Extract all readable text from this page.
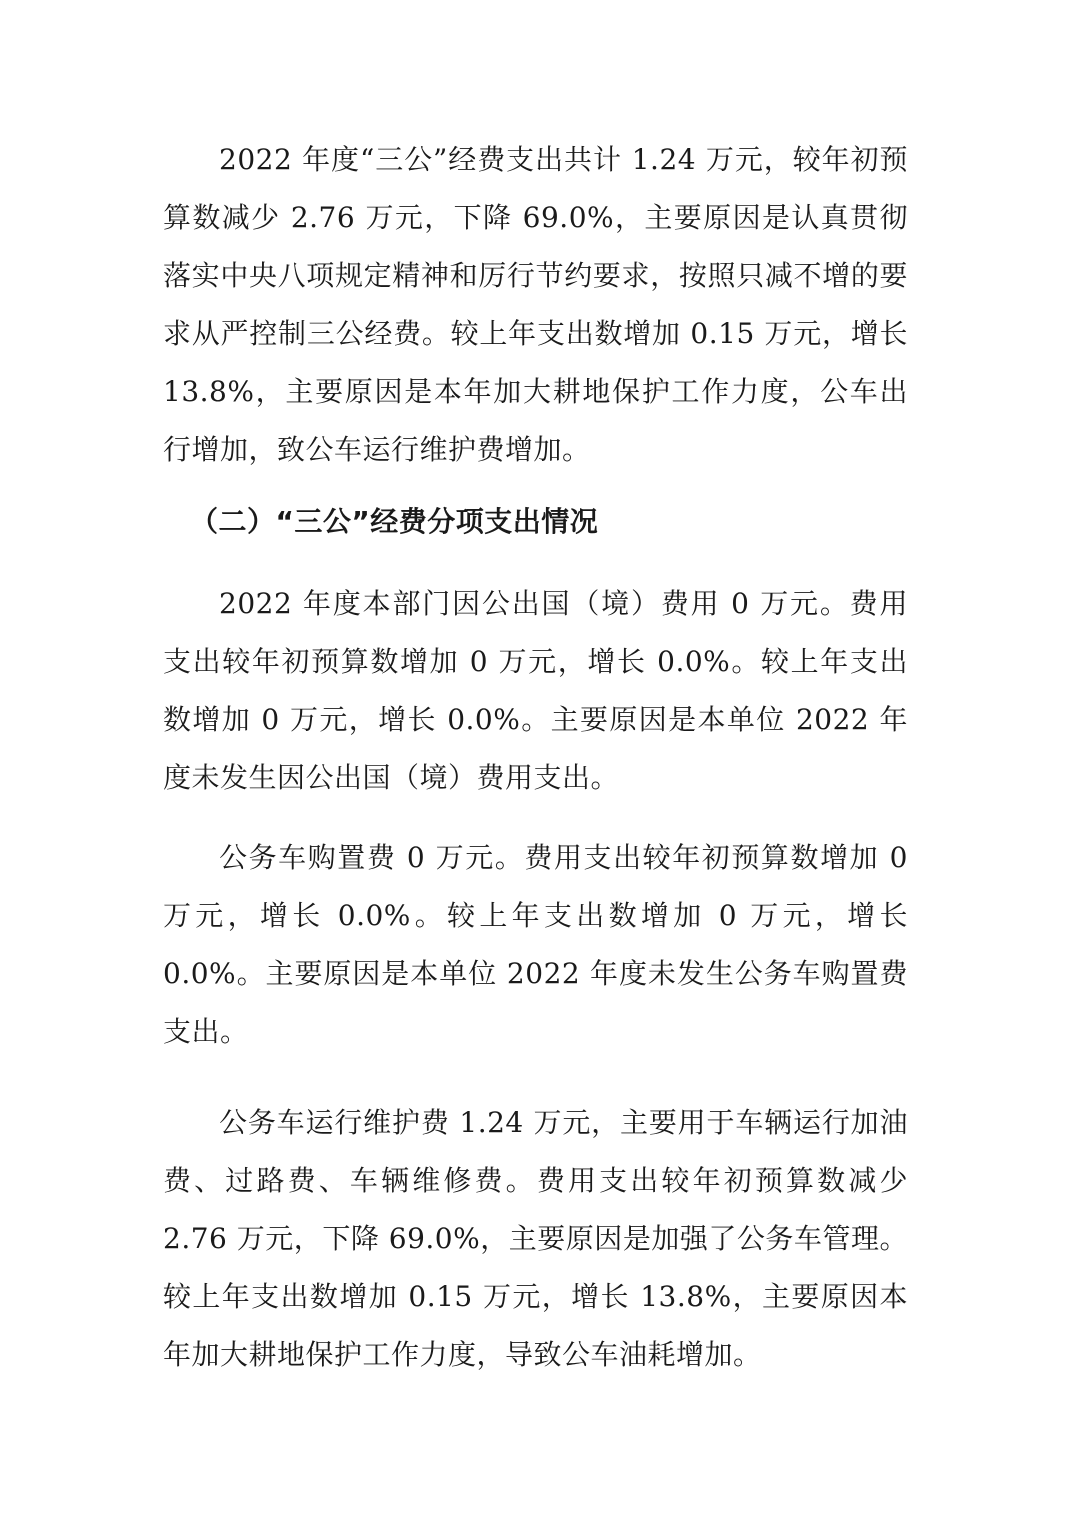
2022 年度“三公”经费支出共计 1.24 万元，较年初预算数减少 2.76 万元，下降 69.0%，主要原因是认真贯彻落实中央八项规定精神和厉行节约要求，按照只减不增的要求从严控制三公经费。较上年支出数增加 0.15 万元，增长 13.8%，主要原因是本年加大耕地保护工作力度，公车出行增加，致公车运行维护费增加。

（二）“三公”经费分项支出情况

2022 年度本部门因公出国（境）费用 0 万元。费用支出较年初预算数增加 0 万元，增长 0.0%。较上年支出数增加 0 万元，增长 0.0%。主要原因是本单位 2022 年度未发生因公出国（境）费用支出。

公务车购置费 0 万元。费用支出较年初预算数增加 0 万元，增长 0.0%。较上年支出数增加 0 万元，增长 0.0%。主要原因是本单位 2022 年度未发生公务车购置费支出。

公务车运行维护费 1.24 万元，主要用于车辆运行加油费、过路费、车辆维修费。费用支出较年初预算数减少 2.76 万元，下降 69.0%，主要原因是加强了公务车管理。较上年支出数增加 0.15 万元，增长 13.8%，主要原因本年加大耕地保护工作力度，导致公车油耗增加。
